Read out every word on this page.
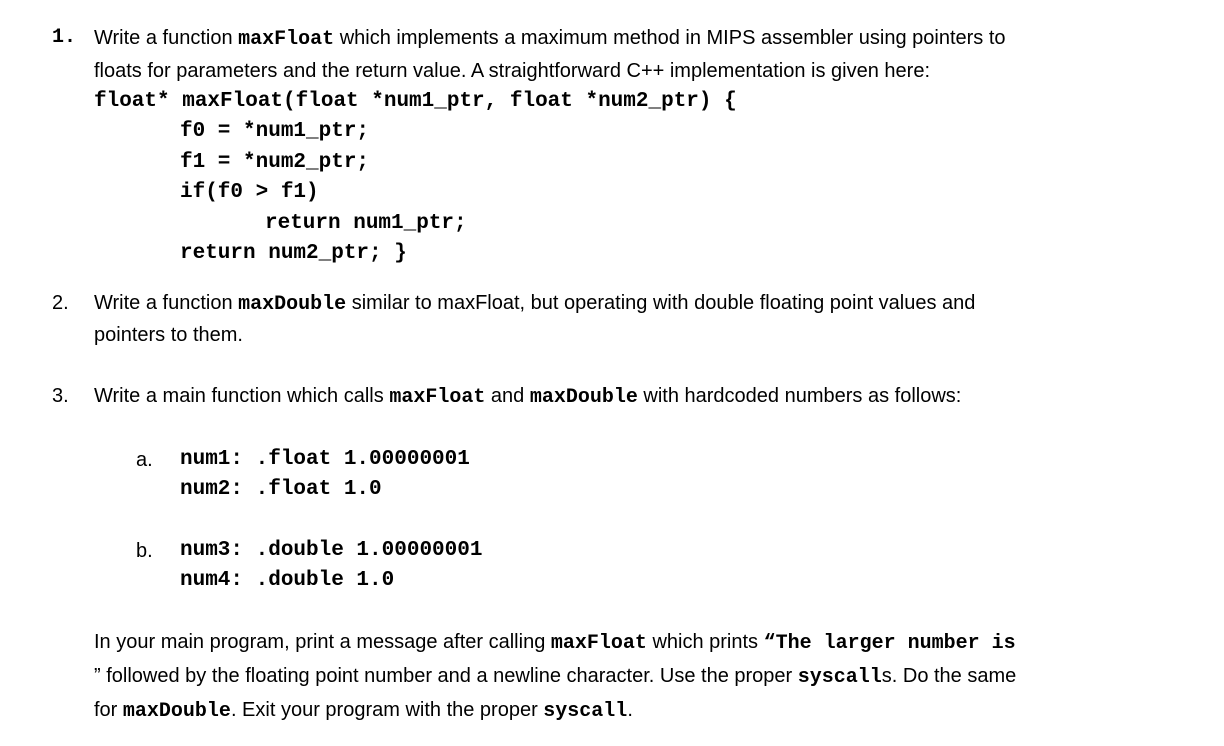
1. Write a function maxFloat which implements a maximum method in MIPS assembler using pointers to
floats for parameters and the return value. A straightforward C++ implementation is given here:
float* maxFloat(float *num1_ptr, float *num2_ptr) {
f0 = *num1_ptr;
f1 = *num2_ptr;
if(f0 > f1)
return num1_ptr;
return num2_ptr; }
2. Write a function maxDouble similar to maxFloat, but operating with double floating point values and
pointers to them.
3. Write a main function which calls maxFloat and maxDouble with hardcoded numbers as follows:
a. num1: .float 1.00000001
num2: .float 1.0
b. num3: .double 1.00000001
num4: .double 1.0
In your main program, print a message after calling maxFloat which prints “The larger number is
” followed by the floating point number and a newline character. Use the proper syscalls. Do the same
for maxDouble. Exit your program with the proper syscall.
